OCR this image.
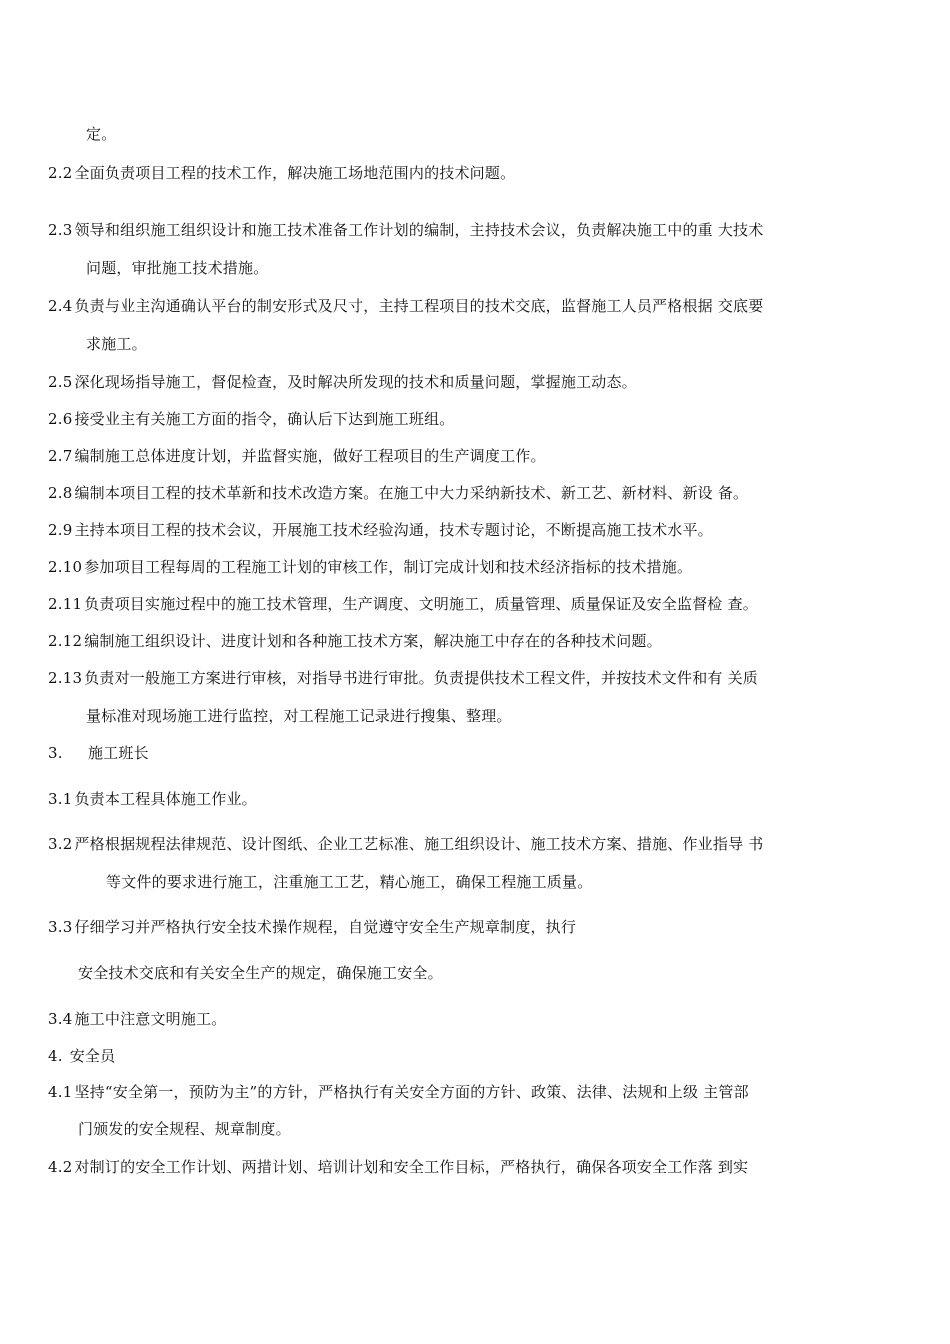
定。
2.2 全面负责项目工程的技术工作，解决施工场地范围内的技术问题。
2.3 领导和组织施工组织设计和施工技术准备工作计划的编制，主持技术会议，负责解决施工中的重 大技术
问题，审批施工技术措施。
2.4 负责与业主沟通确认平台的制安形式及尺寸，主持工程项目的技术交底，监督施工人员严格根据 交底要
求施工。
2.5 深化现场指导施工，督促检查，及时解决所发现的技术和质量问题，掌握施工动态。
2.6 接受业主有关施工方面的指令，确认后下达到施工班组。
2.7 编制施工总体进度计划，并监督实施，做好工程项目的生产调度工作。
2.8 编制本项目工程的技术革新和技术改造方案。在施工中大力采纳新技术、新工艺、新材料、新设 备。
2.9 主持本项目工程的技术会议，开展施工技术经验沟通，技术专题讨论，不断提高施工技术水平。
2.10 参加项目工程每周的工程施工计划的审核工作，制订完成计划和技术经济指标的技术措施。
2.11 负责项目实施过程中的施工技术管理，生产调度、文明施工，质量管理、质量保证及安全监督检 查。
2.12 编制施工组织设计、进度计划和各种施工技术方案，解决施工中存在的各种技术问题。
2.13 负责对一般施工方案进行审核，对指导书进行审批。负责提供技术工程文件，并按技术文件和有 关质
量标准对现场施工进行监控，对工程施工记录进行搜集、整理。
3. 施工班长
3.1 负责本工程具体施工作业。
3.2 严格根据规程法律规范、设计图纸、企业工艺标准、施工组织设计、施工技术方案、措施、作业指导 书
等文件的要求进行施工，注重施工工艺，精心施工，确保工程施工质量。
3.3 仔细学习并严格执行安全技术操作规程，自觉遵守安全生产规章制度，执行
安全技术交底和有关安全生产的规定，确保施工安全。
3.4 施工中注意文明施工。
4. 安全员
4.1 坚持“安全第一，预防为主”的方针，严格执行有关安全方面的方针、政策、法律、法规和上级 主管部
门颁发的安全规程、规章制度。
4.2 对制订的安全工作计划、两措计划、培训计划和安全工作目标，严格执行，确保各项安全工作落 到实
